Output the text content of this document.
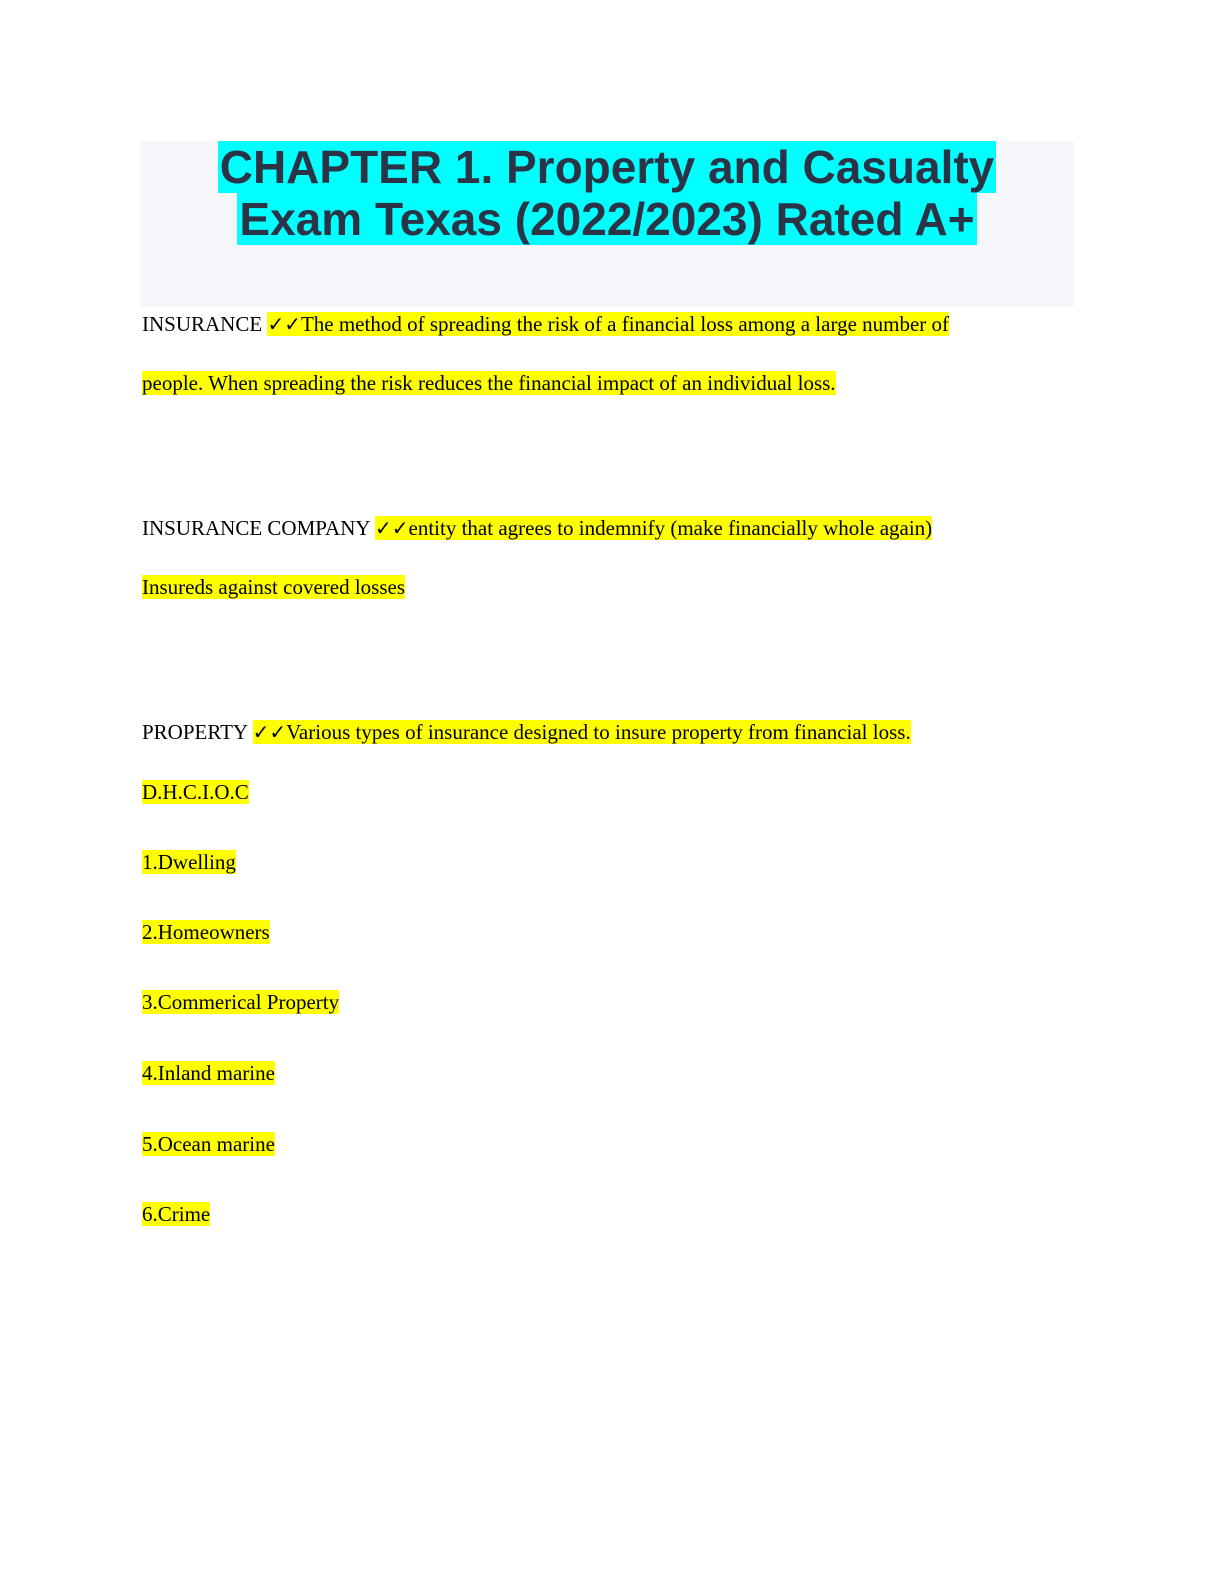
CHAPTER 1. Property and Casualty
Exam Texas (2022/2023) Rated A+

INSURANCE ✓✓The method of spreading the risk of a financial loss among a large number of

people. When spreading the risk reduces the financial impact of an individual loss.

INSURANCE COMPANY ✓✓entity that agrees to indemnify (make financially whole again)

Insureds against covered losses

PROPERTY ✓✓Various types of insurance designed to insure property from financial loss.

D.H.C.I.O.C

1.Dwelling

2.Homeowners

3.Commerical Property

4.Inland marine

5.Ocean marine

6.Crime
